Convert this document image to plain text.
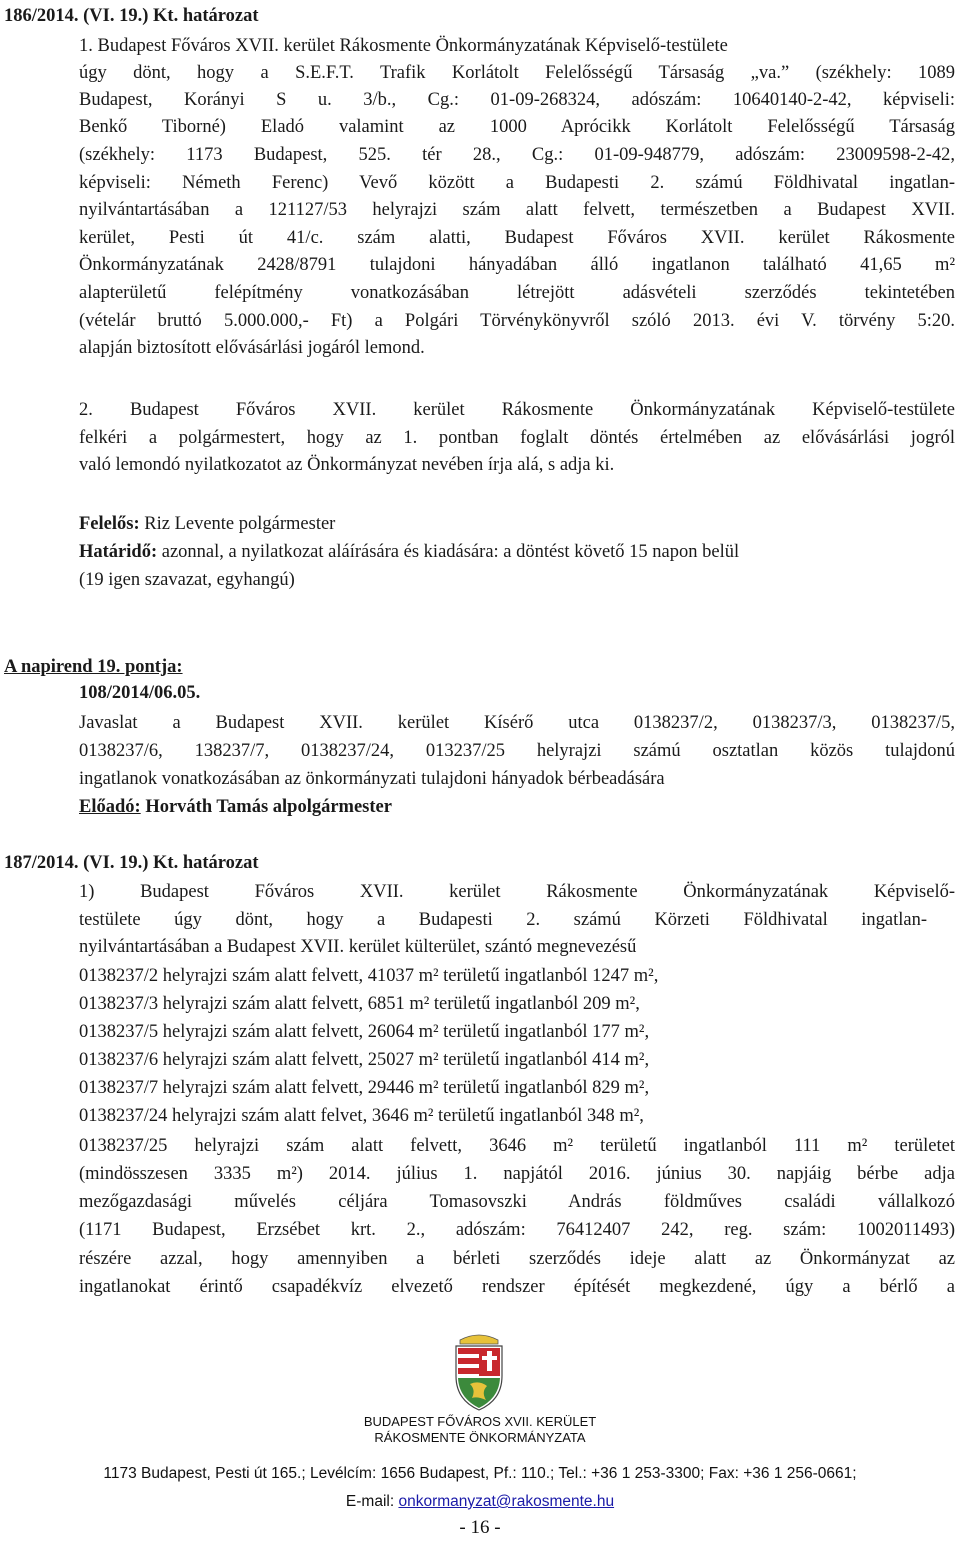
186/2014. (VI. 19.) Kt. határozat
1. Budapest Főváros XVII. kerület Rákosmente Önkormányzatának Képviselő-testülete
úgy dönt, hogy a S.E.F.T. Trafik Korlátolt Felelősségű Társaság „va.” (székhely: 1089
Budapest, Korányi S u. 3/b., Cg.: 01-09-268324, adószám: 10640140-2-42, képviseli:
Benkő Tiborné) Eladó valamint az 1000 Aprócikk Korlátolt Felelősségű Társaság
(székhely: 1173 Budapest, 525. tér 28., Cg.: 01-09-948779, adószám: 23009598-2-42,
képviseli: Németh Ferenc) Vevő között a Budapesti 2. számú Földhivatal ingatlan-
nyilvántartásában a 121127/53 helyrajzi szám alatt felvett, természetben a Budapest XVII.
kerület, Pesti út 41/c. szám alatti, Budapest Főváros XVII. kerület Rákosmente
Önkormányzatának 2428/8791 tulajdoni hányadában álló ingatlanon található 41,65 m²
alapterületű felépítmény vonatkozásában létrejött adásvételi szerződés tekintetében
(vételár bruttó 5.000.000,- Ft) a Polgári Törvénykönyvről szóló 2013. évi V. törvény 5:20.
alapján biztosított elővásárlási jogáról lemond.
2. Budapest Főváros XVII. kerület Rákosmente Önkormányzatának Képviselő-testülete
felkéri a polgármestert, hogy az 1. pontban foglalt döntés értelmében az elővásárlási jogról
való lemondó nyilatkozatot az Önkormányzat nevében írja alá, s adja ki.
Felelős: Riz Levente polgármester
Határidő: azonnal, a nyilatkozat aláírására és kiadására: a döntést követő 15 napon belül
(19 igen szavazat, egyhangú)
A napirend 19. pontja:
108/2014/06.05.
Javaslat a Budapest XVII. kerület Kísérő utca 0138237/2, 0138237/3, 0138237/5,
0138237/6, 138237/7, 0138237/24, 013237/25 helyrajzi számú osztatlan közös tulajdonú
ingatlanok vonatkozásában az önkormányzati tulajdoni hányadok bérbeadására
Előadó: Horváth Tamás alpolgármester
187/2014. (VI. 19.) Kt. határozat
1) Budapest Főváros XVII. kerület Rákosmente Önkormányzatának Képviselő-
testülete úgy dönt, hogy a Budapesti 2. számú Körzeti Földhivatal ingatlan-
nyilvántartásában a Budapest XVII. kerület külterület, szántó megnevezésű
0138237/2 helyrajzi szám alatt felvett, 41037 m² területű ingatlanból 1247 m²,
0138237/3 helyrajzi szám alatt felvett, 6851 m² területű ingatlanból 209 m²,
0138237/5 helyrajzi szám alatt felvett, 26064 m² területű ingatlanból 177 m²,
0138237/6 helyrajzi szám alatt felvett, 25027 m² területű ingatlanból 414 m²,
0138237/7 helyrajzi szám alatt felvett, 29446 m² területű ingatlanból 829 m²,
0138237/24 helyrajzi szám alatt felvet, 3646 m² területű ingatlanból 348 m²,
0138237/25 helyrajzi szám alatt felvett, 3646 m² területű ingatlanból 111 m² területet
(mindösszesen 3335 m²) 2014. július 1. napjától 2016. június 30. napjáig bérbe adja
mezőgazdasági művelés céljára Tomasovszki András földműves családi vállalkozó
(1171 Budapest, Erzsébet krt. 2., adószám: 76412407 242, reg. szám: 1002011493)
részére azzal, hogy amennyiben a bérleti szerződés ideje alatt az Önkormányzat az
ingatlanokat érintő csapadékvíz elvezető rendszer építését megkezdené, úgy a bérlő a
BUDAPEST FŐVÁROS XVII. KERÜLET
RÁKOSMENTE ÖNKORMÁNYZATA
1173 Budapest, Pesti út 165.; Levélcím: 1656 Budapest, Pf.: 110.; Tel.: +36 1 253-3300; Fax: +36 1 256-0661;
E-mail: onkormanyzat@rakosmente.hu
- 16 -
